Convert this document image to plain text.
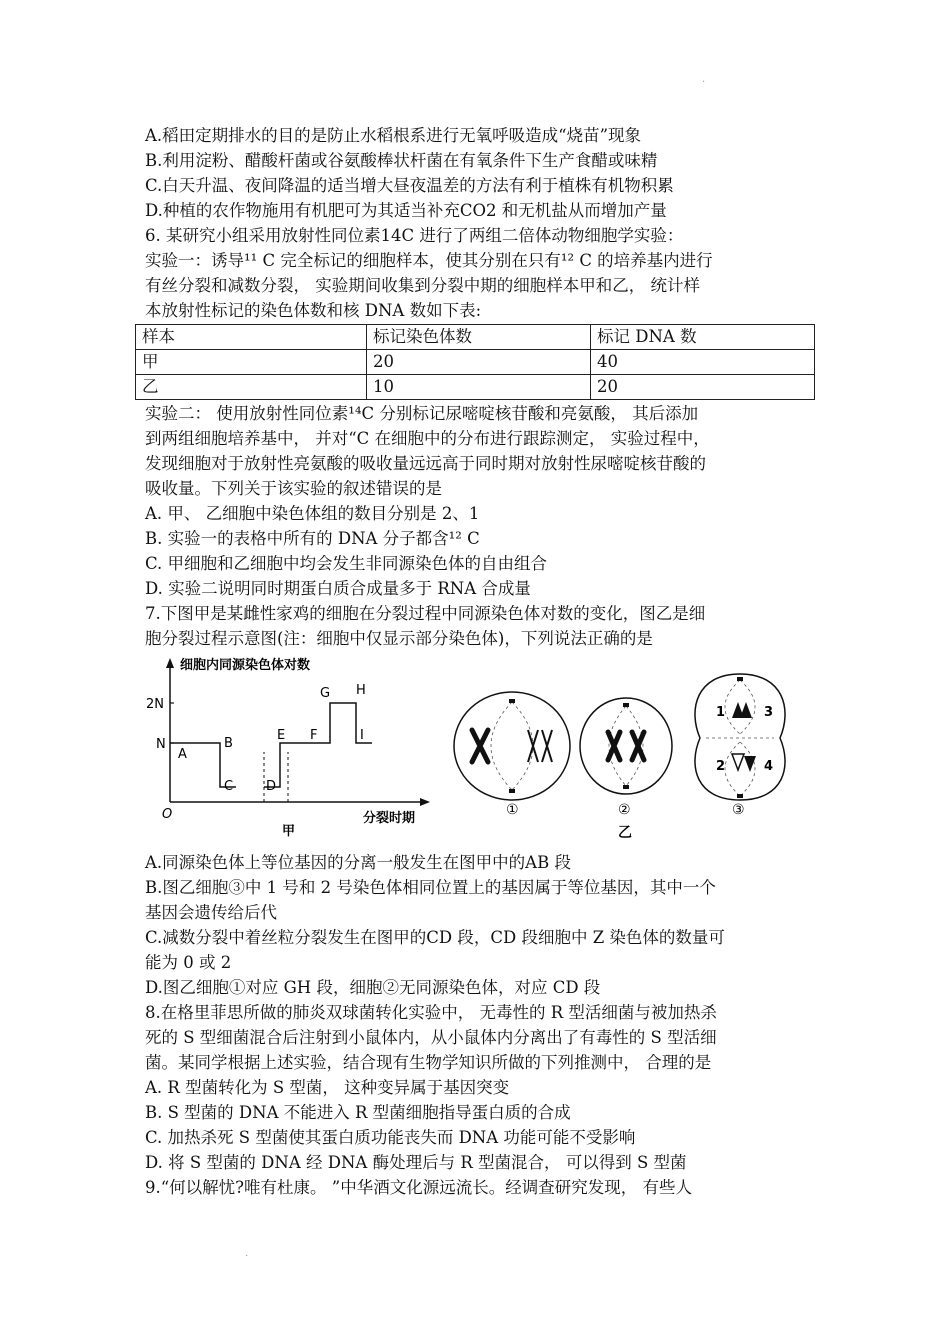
.
A.稻田定期排水的目的是防止水稻根系进行无氧呼吸造成“烧苗”现象
B.利用淀粉、醋酸杆菌或谷氨酸棒状杆菌在有氧条件下生产食醋或味精
C.白天升温、夜间降温的适当增大昼夜温差的方法有利于植株有机物积累
D.种植的农作物施用有机肥可为其适当补充CO2 和无机盐从而增加产量
6. 某研究小组采用放射性同位素14C 进行了两组二倍体动物细胞学实验：
实验一：诱导¹¹ C 完全标记的细胞样本，使其分别在只有¹² C 的培养基内进行
有丝分裂和减数分裂， 实验期间收集到分裂中期的细胞样本甲和乙， 统计样
本放射性标记的染色体数和核 DNA 数如下表:
样本	标记染色体数	标记 DNA 数
甲	20	40
乙	10	20
实验二： 使用放射性同位素¹⁴C 分别标记尿嘧啶核苷酸和亮氨酸， 其后添加
到两组细胞培养基中， 并对“C 在细胞中的分布进行跟踪测定， 实验过程中，
发现细胞对于放射性亮氨酸的吸收量远远高于同时期对放射性尿嘧啶核苷酸的
吸收量。下列关于该实验的叙述错误的是
A. 甲、 乙细胞中染色体组的数目分别是 2、1
B. 实验一的表格中所有的 DNA 分子都含¹² C
C. 甲细胞和乙细胞中均会发生非同源染色体的自由组合
D. 实验二说明同时期蛋白质合成量多于 RNA 合成量
7.下图甲是某雌性家鸡的细胞在分裂过程中同源染色体对数的变化，图乙是细
胞分裂过程示意图(注：细胞中仅显示部分染色体)，下列说法正确的是
细胞内同源染色体对数
分裂时期
2N
N
O
A
B
C	D
E F
G H
I
甲
①	②
乙
1
2
3
4
③
A.同源染色体上等位基因的分离一般发生在图甲中的AB 段
B.图乙细胞③中 1 号和 2 号染色体相同位置上的基因属于等位基因，其中一个
基因会遗传给后代
C.减数分裂中着丝粒分裂发生在图甲的CD 段，CD 段细胞中 Z 染色体的数量可
能为 0 或 2
D.图乙细胞①对应 GH 段，细胞②无同源染色体，对应 CD 段
8.在格里菲思所做的肺炎双球菌转化实验中， 无毒性的 R 型活细菌与被加热杀
死的 S 型细菌混合后注射到小鼠体内，从小鼠体内分离出了有毒性的 S 型活细
菌。某同学根据上述实验，结合现有生物学知识所做的下列推测中， 合理的是
A. R 型菌转化为 S 型菌， 这种变异属于基因突变
B. S 型菌的 DNA 不能进入 R 型菌细胞指导蛋白质的合成
C. 加热杀死 S 型菌使其蛋白质功能丧失而 DNA 功能可能不受影响
D. 将 S 型菌的 DNA 经 DNA 酶处理后与 R 型菌混合， 可以得到 S 型菌
9.“何以解忧?唯有杜康。 ”中华酒文化源远流长。经调查研究发现， 有些人
.
